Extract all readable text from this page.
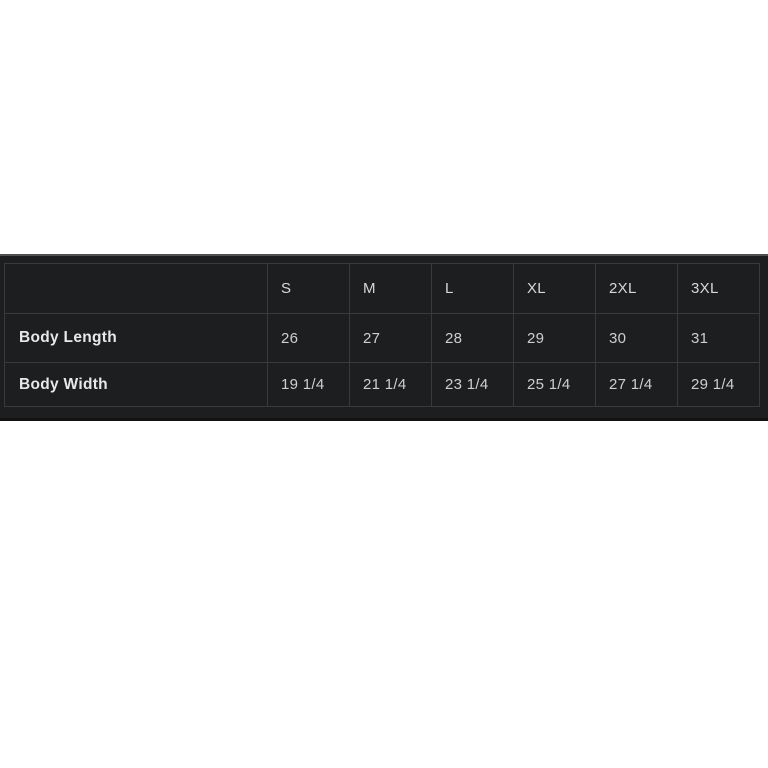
	S	M	L	XL	2XL	3XL
Body Length	26	27	28	29	30	31
Body Width	19 1/4	21 1/4	23 1/4	25 1/4	27 1/4	29 1/4
